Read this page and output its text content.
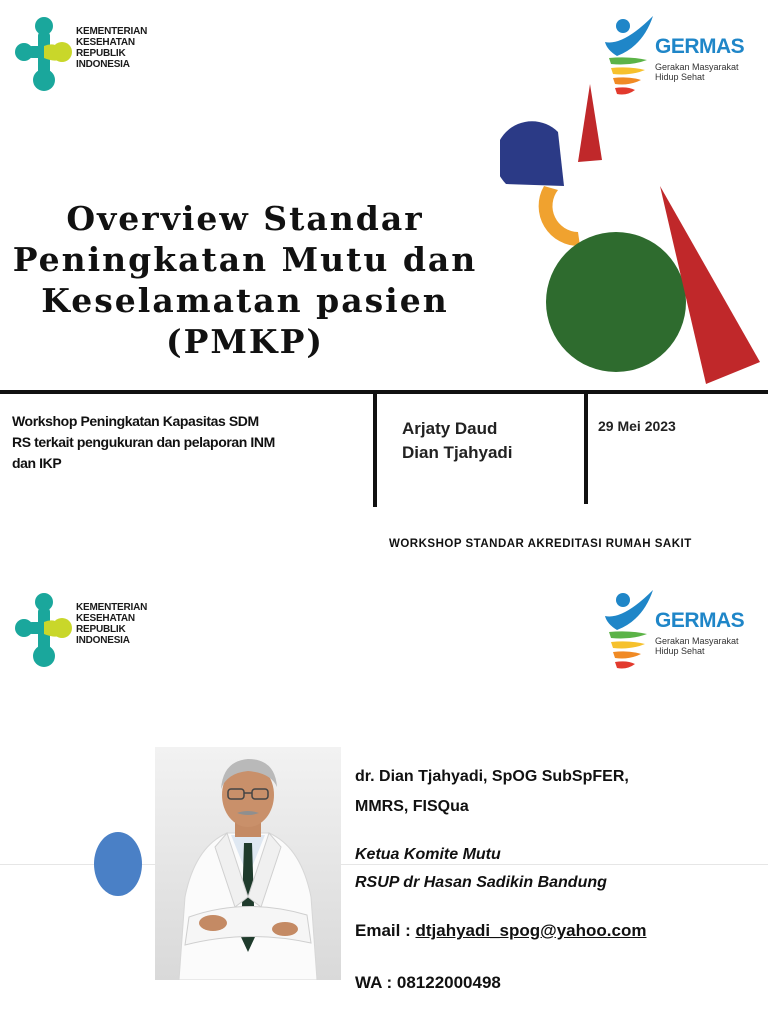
KEMENTERIAN
KESEHATAN
REPUBLIK
INDONESIA
GERMAS
Gerakan Masyarakat
Hidup Sehat
Overview Standar
Peningkatan Mutu dan
Keselamatan pasien
(PMKP)
Workshop Peningkatan Kapasitas SDM
RS terkait pengukuran dan pelaporan INM
dan IKP
Arjaty Daud
Dian Tjahyadi
29 Mei 2023
WORKSHOP STANDAR AKREDITASI RUMAH SAKIT
KEMENTERIAN
KESEHATAN
REPUBLIK
INDONESIA
GERMAS
Gerakan Masyarakat
Hidup Sehat
dr. Dian Tjahyadi, SpOG SubSpFER,
MMRS, FISQua
Ketua Komite Mutu
RSUP dr Hasan Sadikin Bandung
Email : dtjahyadi_spog@yahoo.com
WA : 08122000498
